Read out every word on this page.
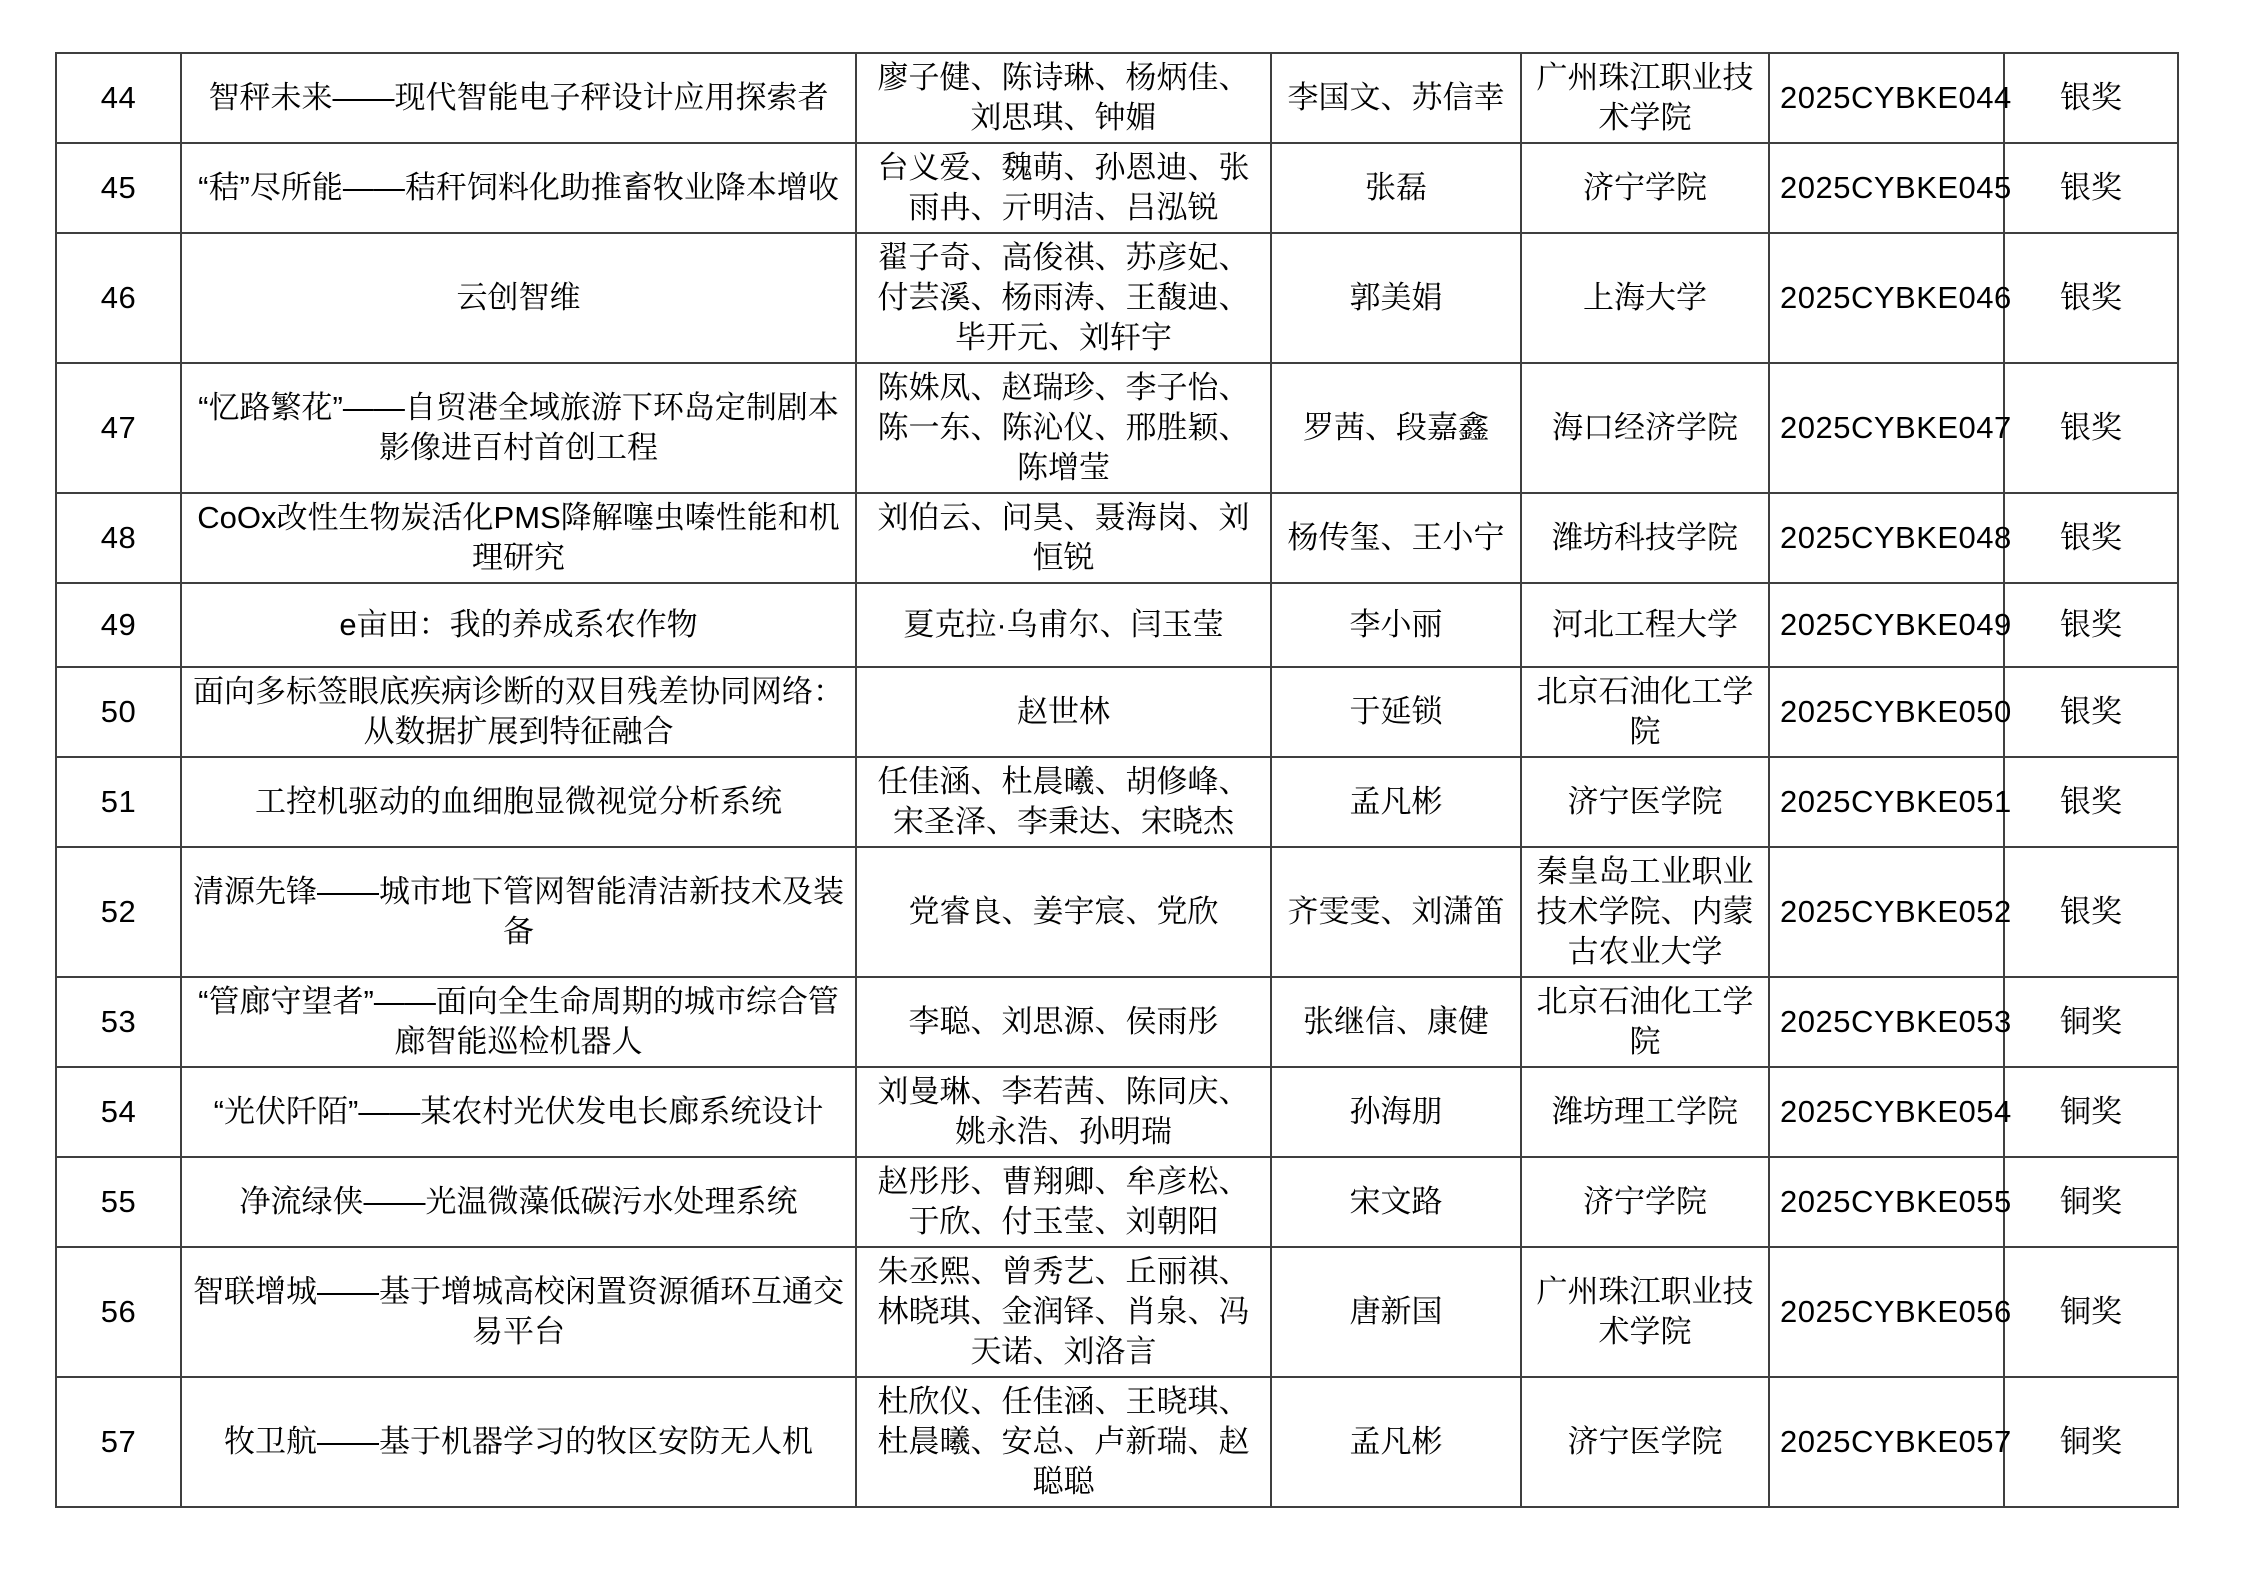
44	智秤未来——现代智能电子秤设计应用探索者	廖子健、陈诗琳、杨炳佳、刘思琪、钟媚	李国文、苏信幸	广州珠江职业技术学院	2025CYBKE044	银奖
45	“秸”尽所能——秸秆饲料化助推畜牧业降本增收	台义爱、魏萌、孙恩迪、张雨冉、亓明洁、吕泓锐	张磊	济宁学院	2025CYBKE045	银奖
46	云创智维	翟子奇、高俊祺、苏彦妃、付芸溪、杨雨涛、王馥迪、毕开元、刘轩宇	郭美娟	上海大学	2025CYBKE046	银奖
47	“忆路繁花”——自贸港全域旅游下环岛定制剧本影像进百村首创工程	陈姝凤、赵瑞珍、李子怡、陈一东、陈沁仪、邢胜颖、陈增莹	罗茜、段嘉鑫	海口经济学院	2025CYBKE047	银奖
48	CoOx改性生物炭活化PMS降解噻虫嗪性能和机理研究	刘伯云、问昊、聂海岗、刘恒锐	杨传玺、王小宁	潍坊科技学院	2025CYBKE048	银奖
49	e亩田：我的养成系农作物	夏克拉·乌甫尔、闫玉莹	李小丽	河北工程大学	2025CYBKE049	银奖
50	面向多标签眼底疾病诊断的双目残差协同网络：从数据扩展到特征融合	赵世林	于延锁	北京石油化工学院	2025CYBKE050	银奖
51	工控机驱动的血细胞显微视觉分析系统	任佳涵、杜晨曦、胡修峰、宋圣泽、李秉达、宋晓杰	孟凡彬	济宁医学院	2025CYBKE051	银奖
52	清源先锋——城市地下管网智能清洁新技术及装备	党睿良、姜宇宸、党欣	齐雯雯、刘潇笛	秦皇岛工业职业技术学院、内蒙古农业大学	2025CYBKE052	银奖
53	“管廊守望者”——面向全生命周期的城市综合管廊智能巡检机器人	李聪、刘思源、侯雨彤	张继信、康健	北京石油化工学院	2025CYBKE053	铜奖
54	“光伏阡陌”——某农村光伏发电长廊系统设计	刘曼琳、李若茜、陈同庆、姚永浩、孙明瑞	孙海朋	潍坊理工学院	2025CYBKE054	铜奖
55	净流绿侠——光温微藻低碳污水处理系统	赵彤彤、曹翔卿、牟彦松、于欣、付玉莹、刘朝阳	宋文路	济宁学院	2025CYBKE055	铜奖
56	智联增城——基于增城高校闲置资源循环互通交易平台	朱丞熙、曾秀艺、丘丽祺、林晓琪、金润铎、肖泉、冯天诺、刘洛言	唐新国	广州珠江职业技术学院	2025CYBKE056	铜奖
57	牧卫航——基于机器学习的牧区安防无人机	杜欣仪、任佳涵、王晓琪、杜晨曦、安总、卢新瑞、赵聪聪	孟凡彬	济宁医学院	2025CYBKE057	铜奖
